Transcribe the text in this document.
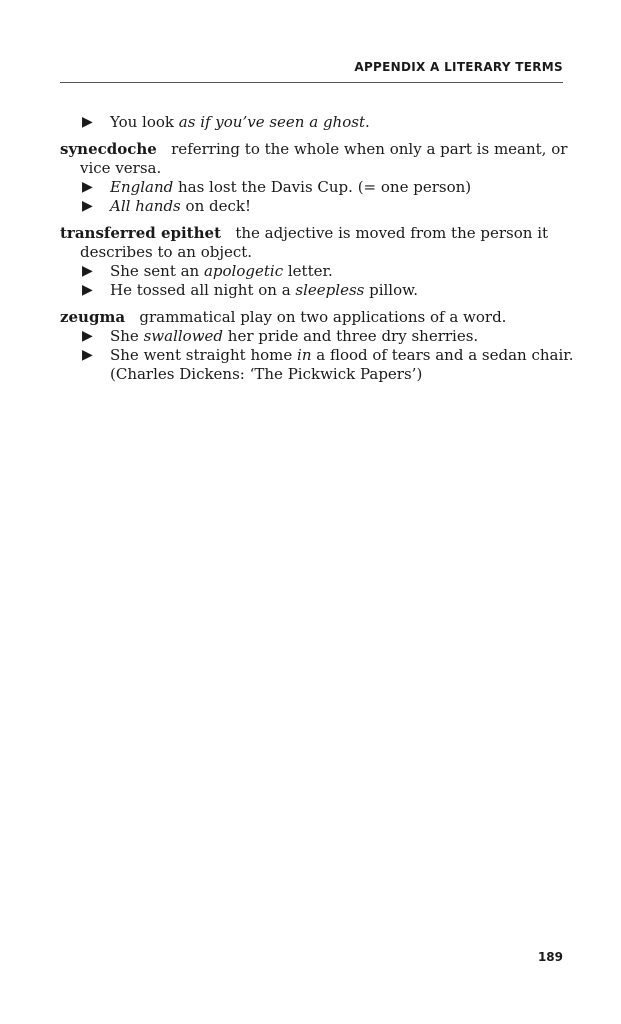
APPENDIX A LITERARY TERMS
▶ You look as if you’ve seen a ghost.
synecdoche referring to the whole when only a part is meant, or
vice versa.
▶ England has lost the Davis Cup. (= one person)
▶ All hands on deck!
transferred epithet the adjective is moved from the person it
describes to an object.
▶ She sent an apologetic letter.
▶ He tossed all night on a sleepless pillow.
zeugma grammatical play on two applications of a word.
▶ She swallowed her pride and three dry sherries.
▶ She went straight home in a flood of tears and a sedan chair.
(Charles Dickens: ‘The Pickwick Papers’)
189
